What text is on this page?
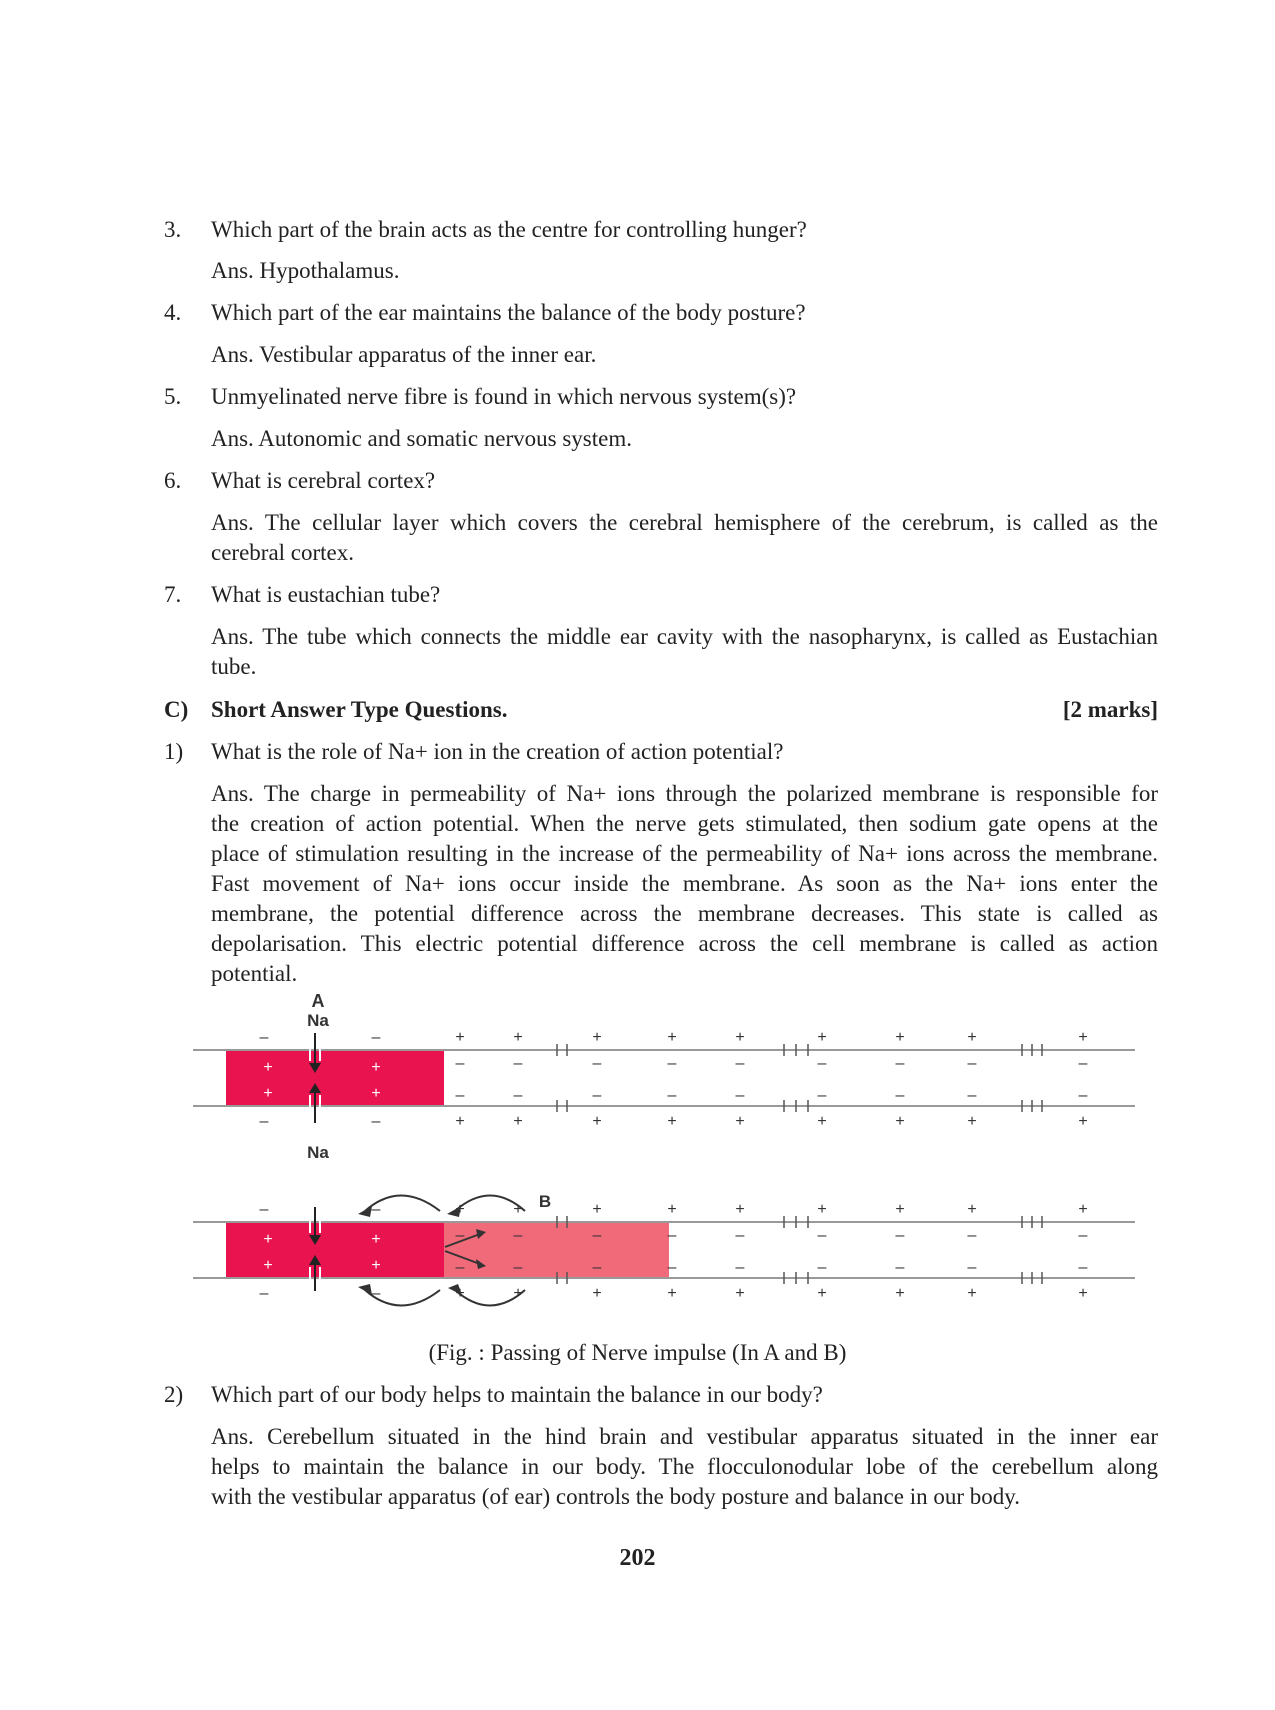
3.	Which part of the brain acts as the centre for controlling hunger?
Ans. Hypothalamus.
4.	Which part of the ear maintains the balance of the body posture?
Ans. Vestibular apparatus of the inner ear.
5.	Unmyelinated nerve fibre is found in which nervous system(s)?
Ans. Autonomic and somatic nervous system.
6.	What is cerebral cortex?
Ans. The cellular layer which covers the cerebral hemisphere of the cerebrum, is called as the
cerebral cortex.
7.	What is eustachian tube?
Ans. The tube which connects the middle ear cavity with the nasopharynx, is called as Eustachian
tube.
C) Short Answer Type Questions.	[2 marks]
1)	What is the role of Na+ ion in the creation of action potential?
Ans. The charge in permeability of Na+ ions through the polarized membrane is responsible for
the creation of action potential. When the nerve gets stimulated, then sodium gate opens at the
place of stimulation resulting in the increase of the permeability of Na+ ions across the membrane.
Fast movement of Na+ ions occur inside the membrane. As soon as the Na+ ions enter the
membrane, the potential difference across the membrane decreases. This state is called as
depolarisation. This electric potential difference across the cell membrane is called as action
potential.
A
Na
Na
+
–
–
+
+
–
–
+
+
–
–
+
+
–
–
+
+
–
–
+
+
–
–
+
+
–
–
+
+
–
–
+
+
–
–
+
–
–
–
–
+
+
+
+
B
+
–
–
+
+
–
–
+
+
–
–
+
+
–
–
+
+
–
–
+
+
–
–
+
+
–
–
+
+
–
–
+
+
–
–
+
–
–
–
–
+
+
+
+
(Fig. : Passing of Nerve impulse (In A and B)
2)	Which part of our body helps to maintain the balance in our body?
Ans. Cerebellum situated in the hind brain and vestibular apparatus situated in the inner ear
helps to maintain the balance in our body. The flocculonodular lobe of the cerebellum along
with the vestibular apparatus (of ear) controls the body posture and balance in our body.
202
